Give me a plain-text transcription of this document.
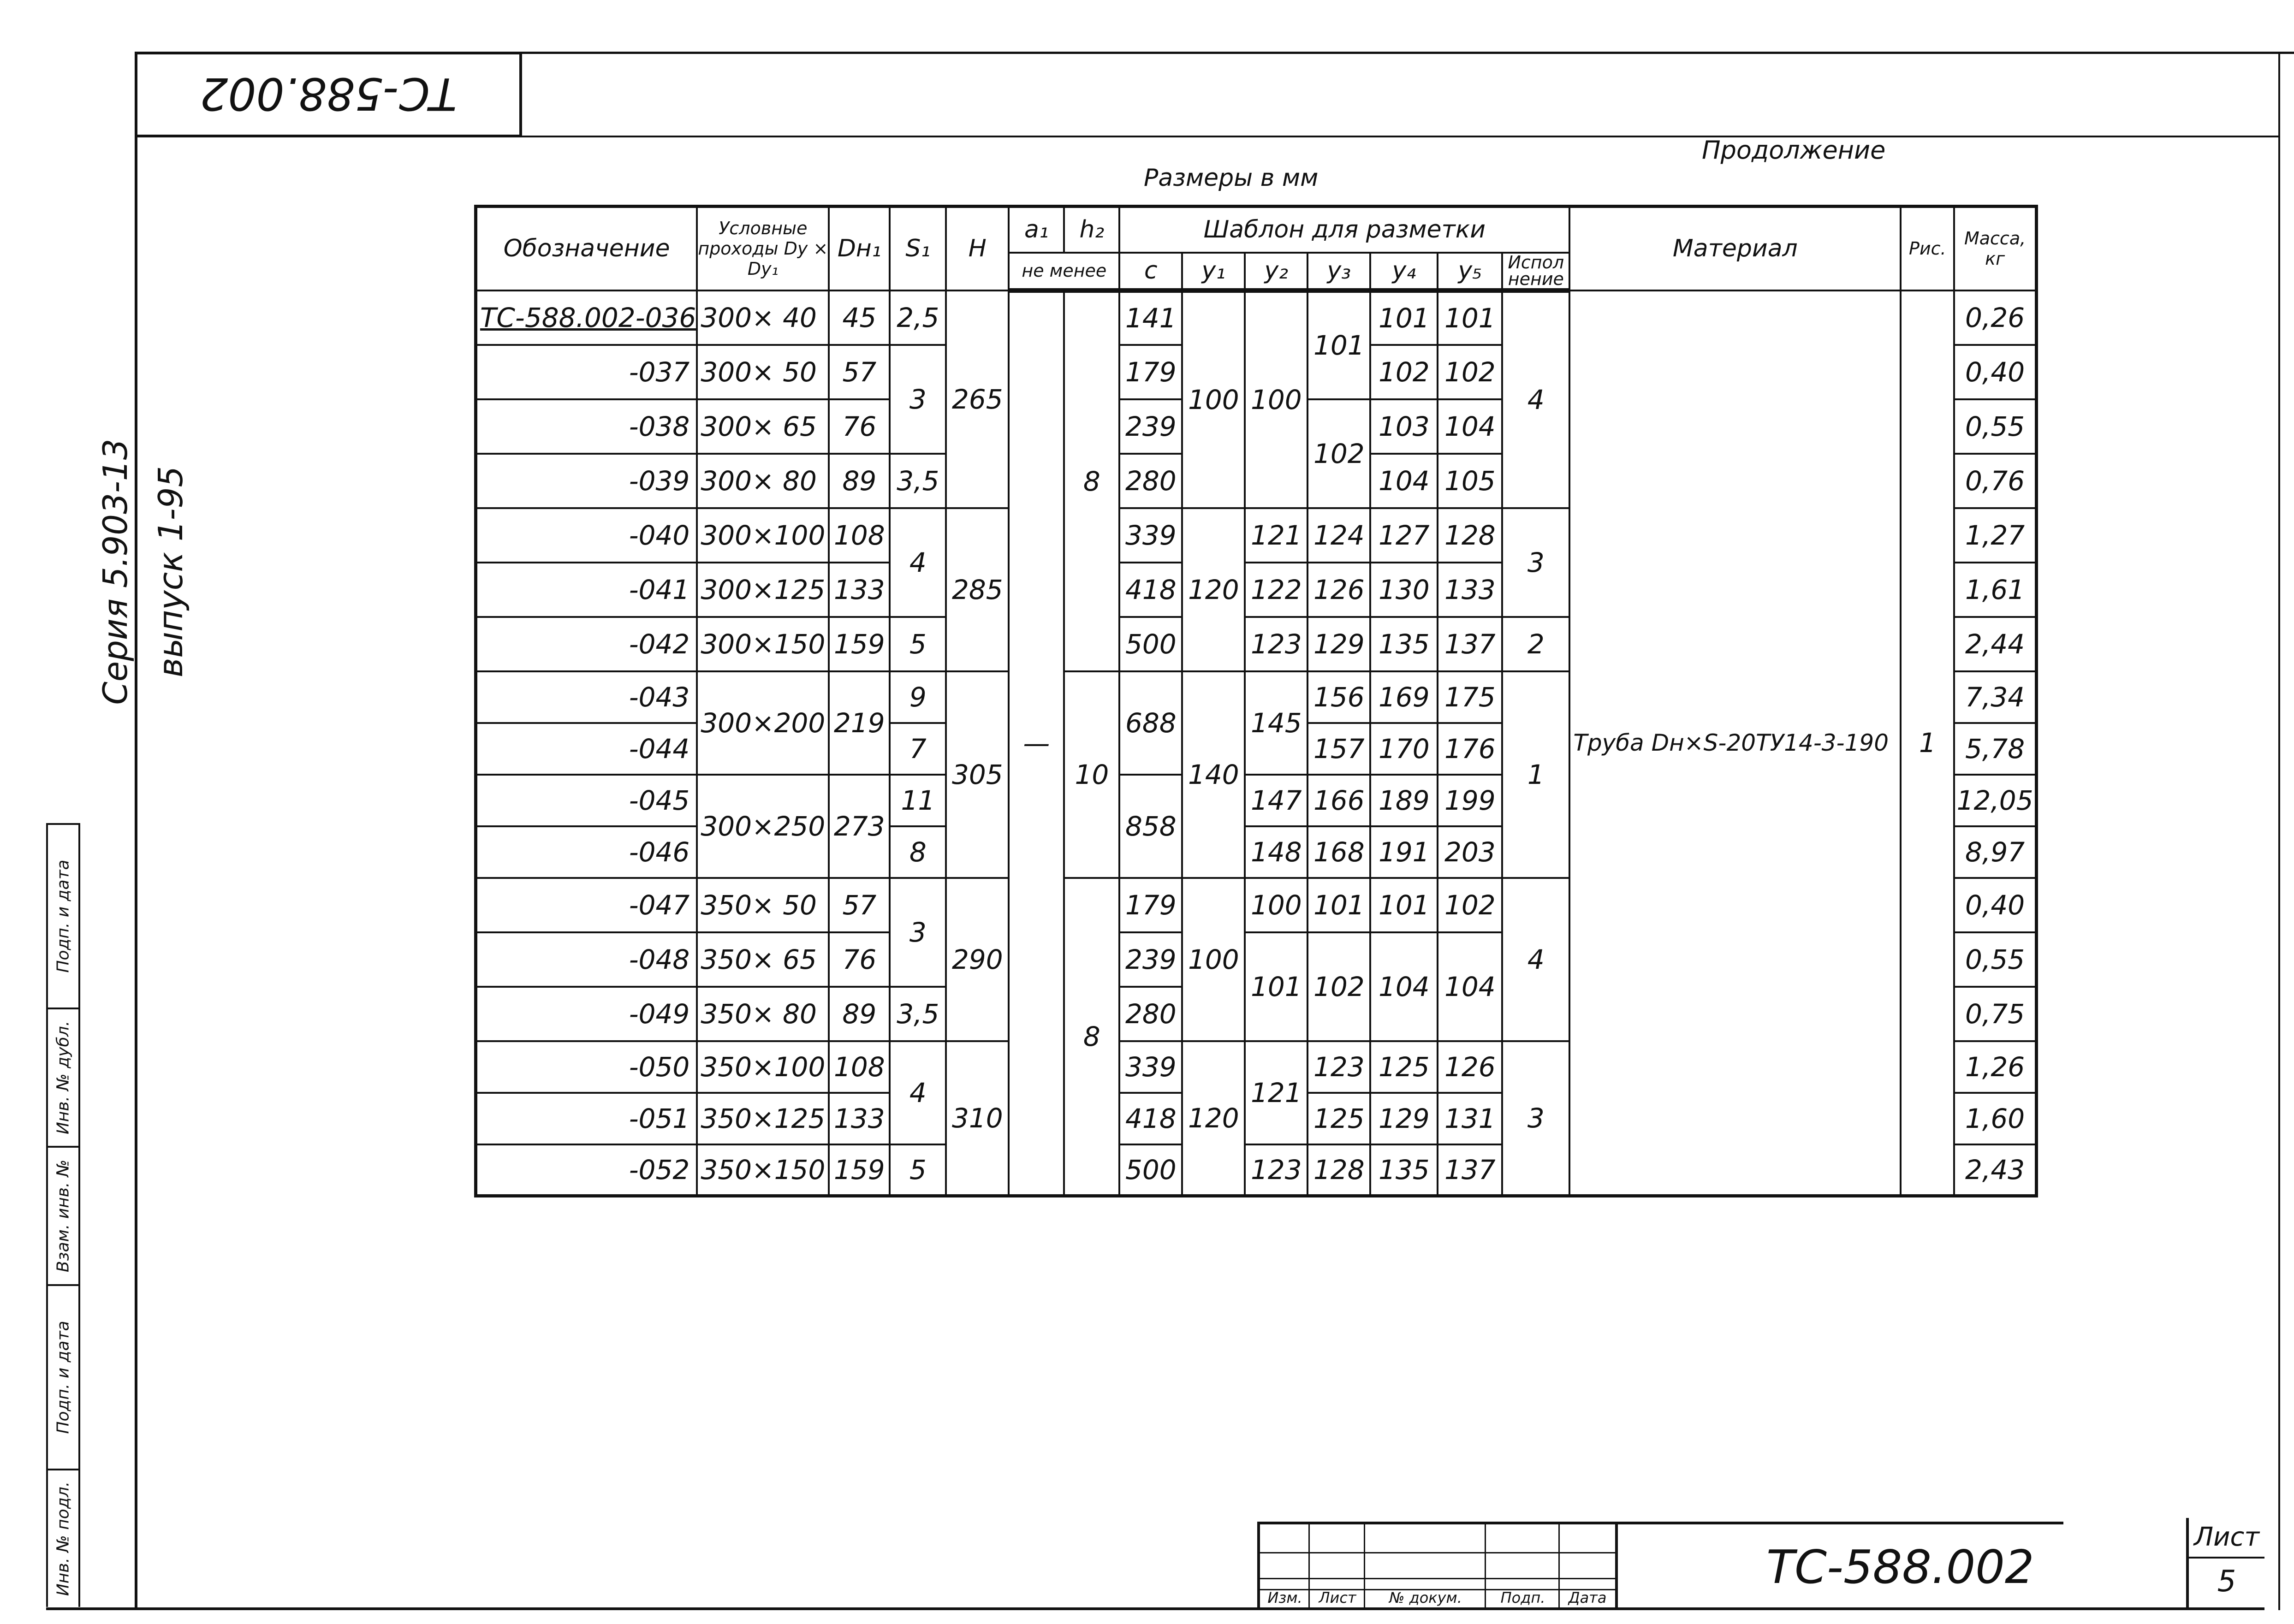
ТС-588.002
Серия 5.903-13 выпуск 1-95
Подп. и дата
Инв. № дубл.
Взам. инв. №
Подп. и дата
Инв. № подл.
Размеры в мм
Продолжение
Обозначение	Условные проходы Dy × Dy₁	Dн₁	S₁	H	a₁	h₂	Шаблон для разметки							Материал	Рис.	Масса, кг
					не менее		c	y₁	y₂	y₃	y₄	y₅	Испол нение			
ТС-588.002-036	300× 40	45	2,5	265	—	8	141	100	100	101	101	101	4	Труба Dн×S-20ТУ14-3-190	1	0,26
-037	300× 50	57	3				179				102	102				0,40
-038	300× 65	76					239			102	103	104				0,55
-039	300× 80	89	3,5				280				104	105				0,76
-040	300×100	108	4	285			339	120	121	124	127	128	3			1,27
-041	300×125	133					418		122	126	130	133				1,61
-042	300×150	159	5				500		123	129	135	137	2			2,44
-043	300×200	219	9	305		10	688	140	145	156	169	175	1			7,34
-044			7							157	170	176				5,78
-045	300×250	273	11				858		147	166	189	199				12,05
-046			8						148	168	191	203				8,97
-047	350× 50	57	3	290		8	179	100	100	101	101	102	4			0,40
-048	350× 65	76					239		101	102	104	104				0,55
-049	350× 80	89	3,5				280									0,75
-050	350×100	108	4	310			339	120	121	123	125	126	3			1,26
-051	350×125	133					418			125	129	131				1,60
-052	350×150	159	5				500		123	128	135	137				2,43
Изм.	Лист	№ докум.	Подп.	Дата
ТС-588.002
Лист
5
